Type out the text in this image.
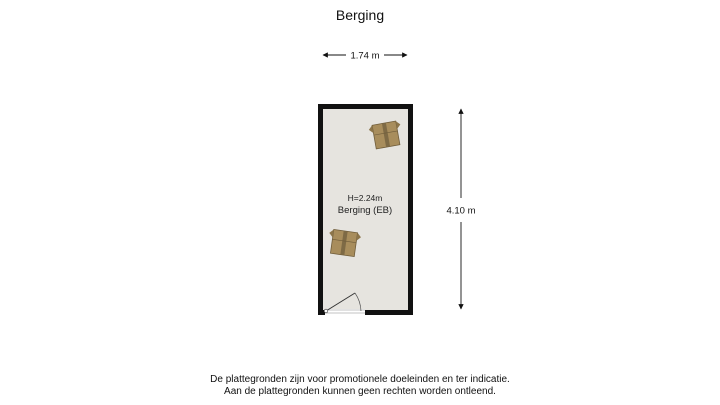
Berging
1.74 m
4.10 m
H=2.24m
Berging (EB)
De plattegronden zijn voor promotionele doeleinden en ter indicatie.
Aan de plattegronden kunnen geen rechten worden ontleend.
